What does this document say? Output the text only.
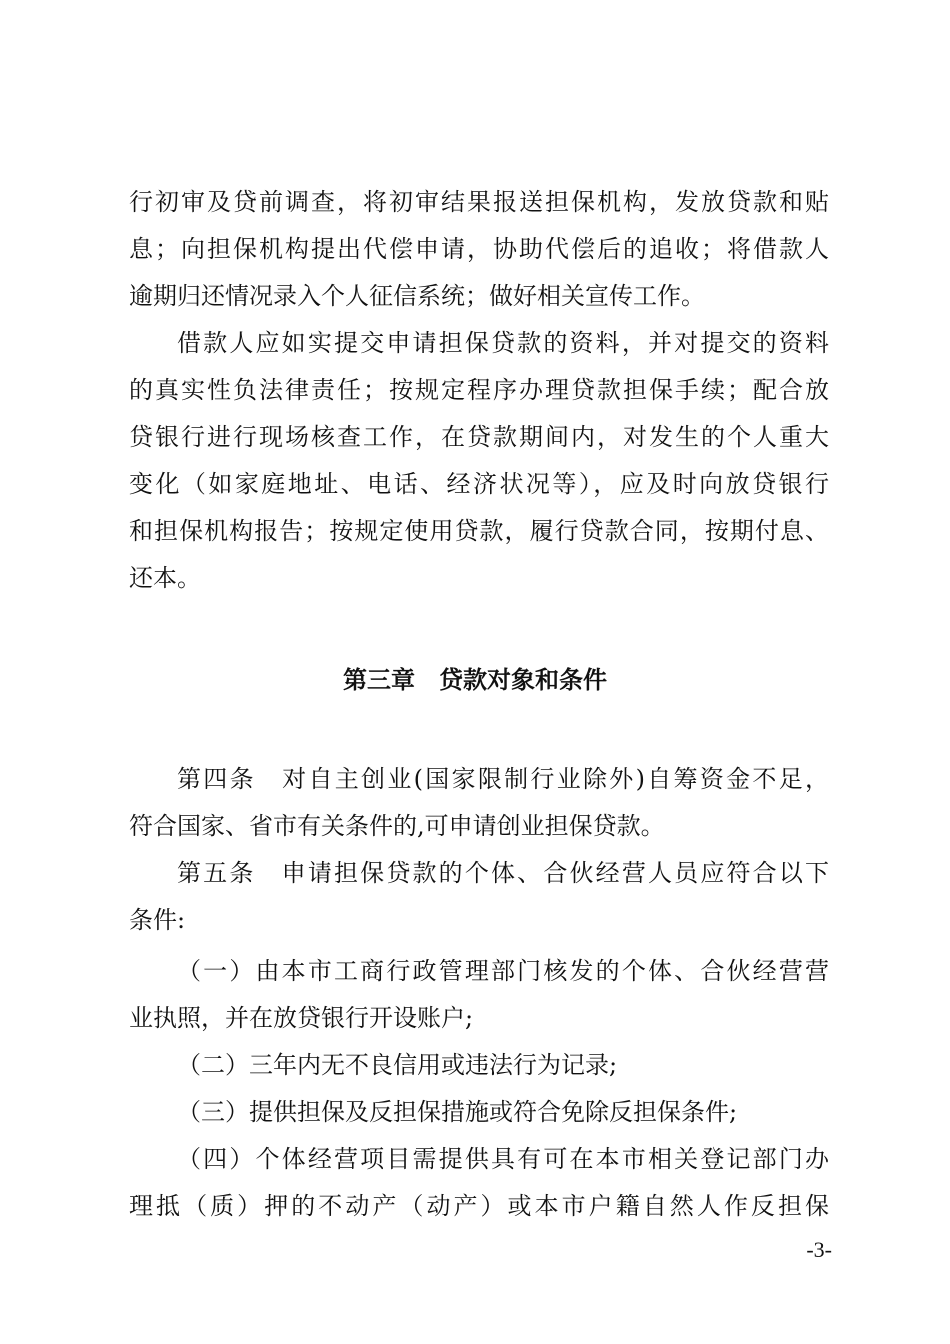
行初审及贷前调查，将初审结果报送担保机构，发放贷款和贴
息；向担保机构提出代偿申请，协助代偿后的追收；将借款人
逾期归还情况录入个人征信系统；做好相关宣传工作。
借款人应如实提交申请担保贷款的资料，并对提交的资料
的真实性负法律责任；按规定程序办理贷款担保手续；配合放
贷银行进行现场核查工作，在贷款期间内，对发生的个人重大
变化（如家庭地址、电话、经济状况等），应及时向放贷银行
和担保机构报告；按规定使用贷款，履行贷款合同，按期付息、
还本。
第三章　贷款对象和条件
第四条　对自主创业(国家限制行业除外)自筹资金不足，
符合国家、省市有关条件的,可申请创业担保贷款。
第五条　申请担保贷款的个体、合伙经营人员应符合以下
条件:
（一）由本市工商行政管理部门核发的个体、合伙经营营
业执照，并在放贷银行开设账户;
（二）三年内无不良信用或违法行为记录;
（三）提供担保及反担保措施或符合免除反担保条件;
（四）个体经营项目需提供具有可在本市相关登记部门办
理抵（质）押的不动产（动产）或本市户籍自然人作反担保
-3-
